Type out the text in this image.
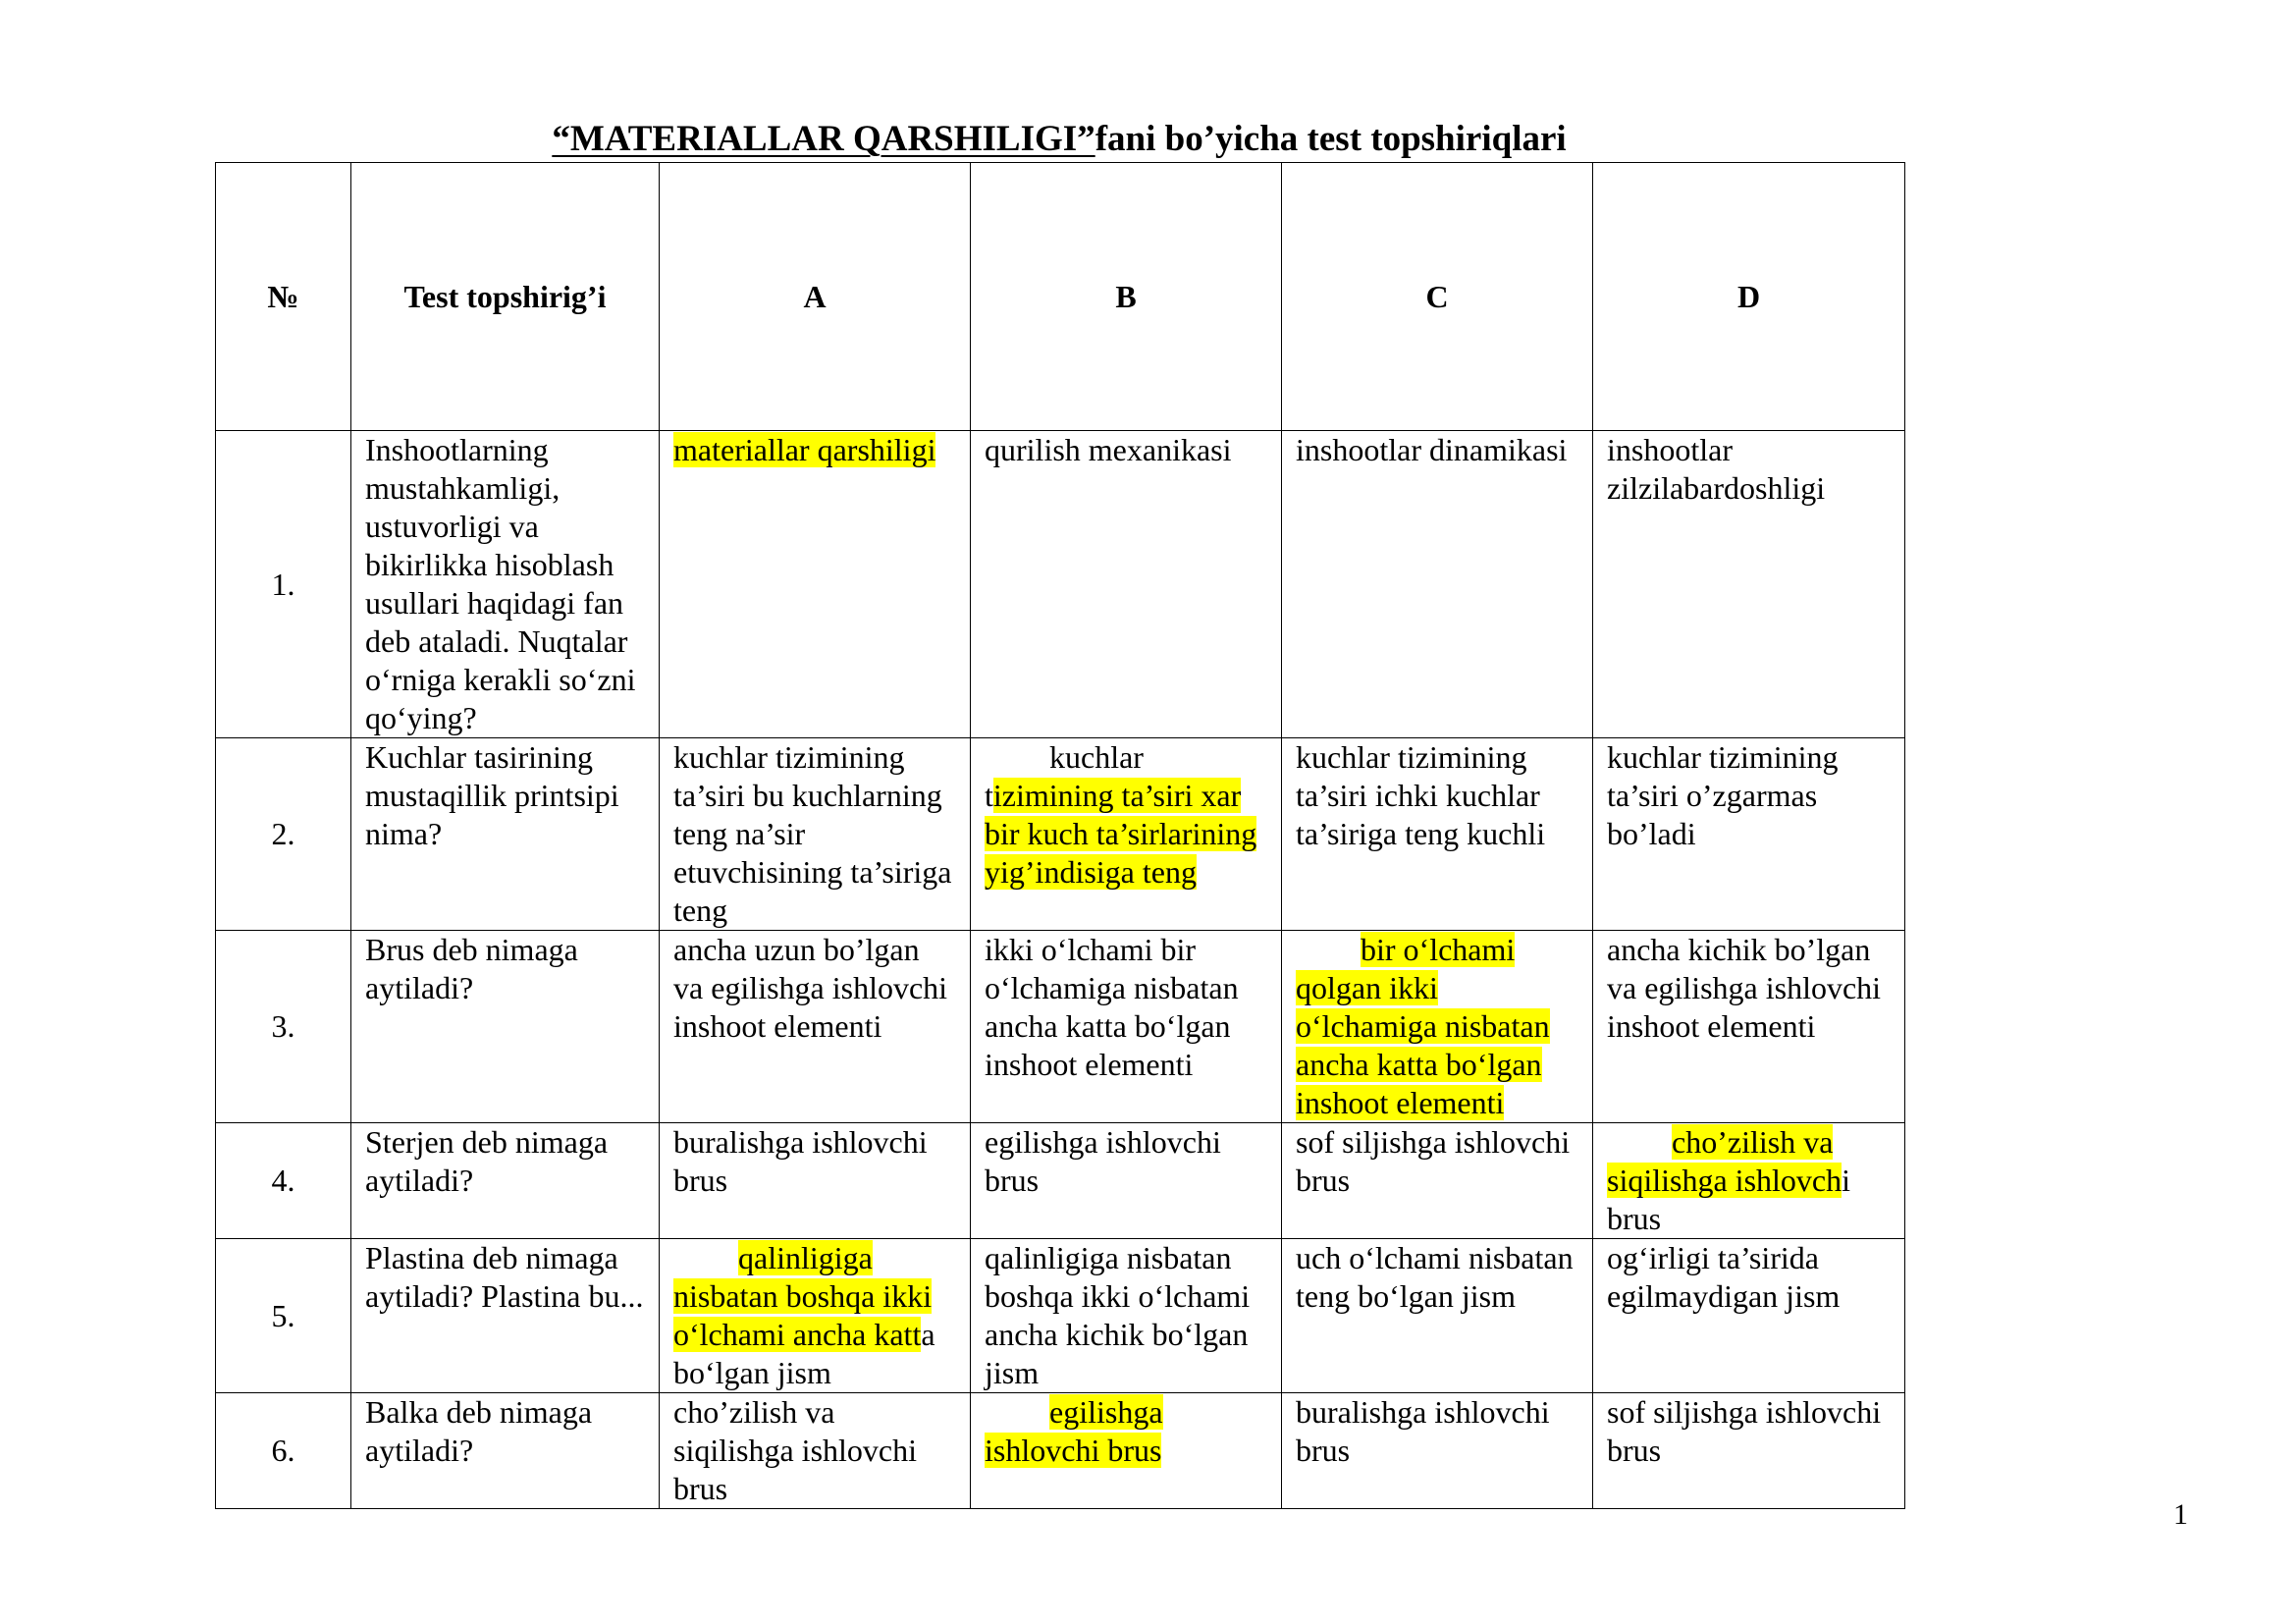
“MATERIALLAR QARSHILIGI”fani bo’yicha test topshiriqlari
№	Test topshirig’i	A	B	C	D
1.	Inshootlarning mustahkamligi, ustuvorligi va bikirlikka hisoblash usullari haqidagi fan deb ataladi. Nuqtalar o‘rniga kerakli so‘zni qo‘ying?	materiallar qarshiligi	qurilish mexanikasi	inshootlar dinamikasi	inshootlar zilzilabardoshligi
2.	Kuchlar tasirining mustaqillik printsipi nima?	kuchlar tizimining ta’siri bu kuchlarning teng na’sir etuvchisining ta’siriga teng	kuchlar tizimining ta’siri xar bir kuch ta’sirlarining yig’indisiga teng	kuchlar tizimining ta’siri ichki kuchlar ta’siriga teng kuchli	kuchlar tizimining ta’siri o’zgarmas bo’ladi
3.	Brus deb nimaga aytiladi?	ancha uzun bo’lgan va egilishga ishlovchi inshoot elementi	ikki o‘lchami bir o‘lchamiga nisbatan ancha katta bo‘lgan inshoot elementi	bir o‘lchami qolgan ikki o‘lchamiga nisbatan ancha katta bo‘lgan inshoot elementi	ancha kichik bo’lgan va egilishga ishlovchi inshoot elementi
4.	Sterjen deb nimaga aytiladi?	buralishga ishlovchi brus	egilishga ishlovchi brus	sof siljishga ishlovchi brus	cho’zilish va siqilishga ishlovchi brus
5.	Plastina deb nimaga aytiladi? Plastina bu...	qalinligiga nisbatan boshqa ikki o‘lchami ancha katta bo‘lgan jism	qalinligiga nisbatan boshqa ikki o‘lchami ancha kichik bo‘lgan jism	uch o‘lchami nisbatan teng bo‘lgan jism	og‘irligi ta’sirida egilmaydigan jism
6.	Balka deb nimaga aytiladi?	cho’zilish va siqilishga ishlovchi brus	egilishga ishlovchi brus	buralishga ishlovchi brus	sof siljishga ishlovchi brus
1
